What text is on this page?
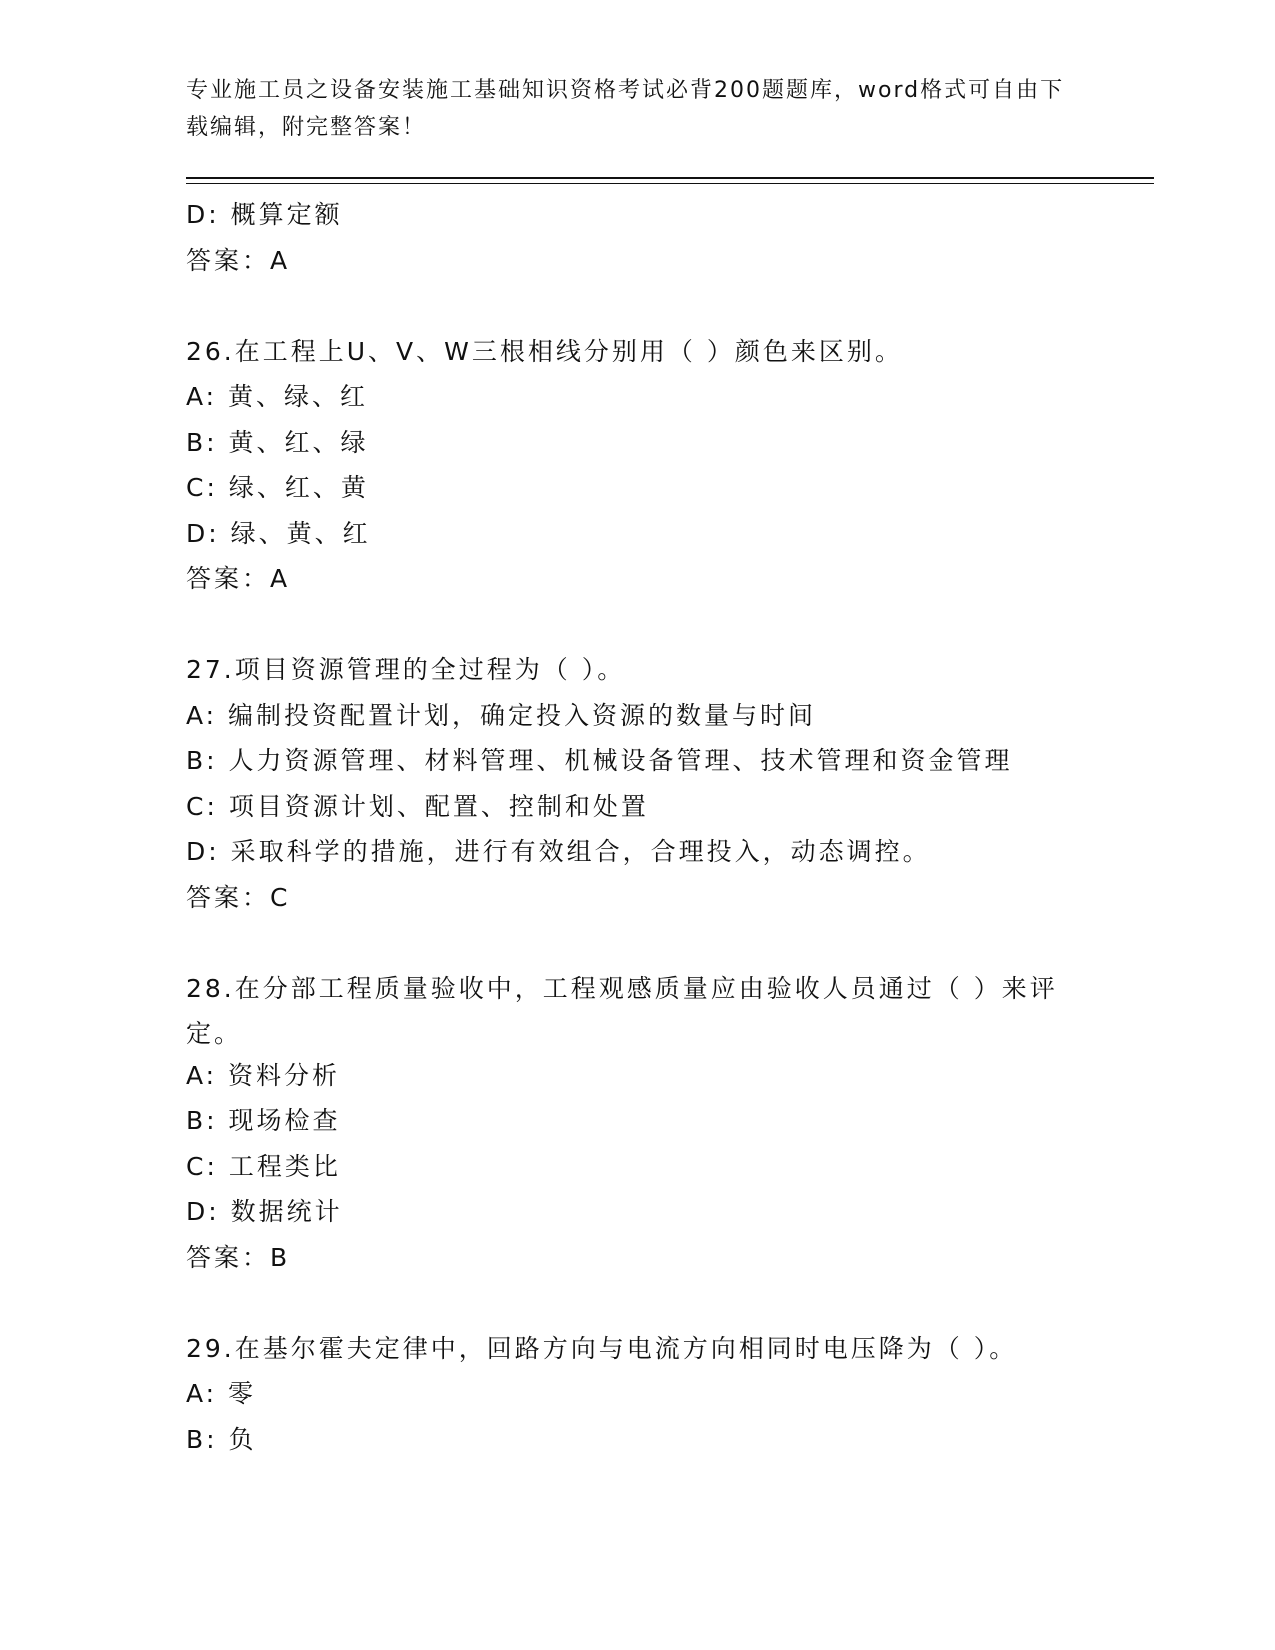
专业施工员之设备安装施工基础知识资格考试必背200题题库，word格式可自由下载编辑，附完整答案！
D: 概算定额
答案：A
26.在工程上U、V、W三根相线分别用（ ）颜色来区别。
A: 黄、绿、红
B: 黄、红、绿
C: 绿、红、黄
D: 绿、黄、红
答案：A
27.项目资源管理的全过程为（ ）。
A: 编制投资配置计划，确定投入资源的数量与时间
B: 人力资源管理、材料管理、机械设备管理、技术管理和资金管理
C: 项目资源计划、配置、控制和处置
D: 采取科学的措施，进行有效组合，合理投入，动态调控。
答案：C
28.在分部工程质量验收中，工程观感质量应由验收人员通过（ ）来评定。
A: 资料分析
B: 现场检查
C: 工程类比
D: 数据统计
答案：B
29.在基尔霍夫定律中，回路方向与电流方向相同时电压降为（ ）。
A: 零
B: 负
